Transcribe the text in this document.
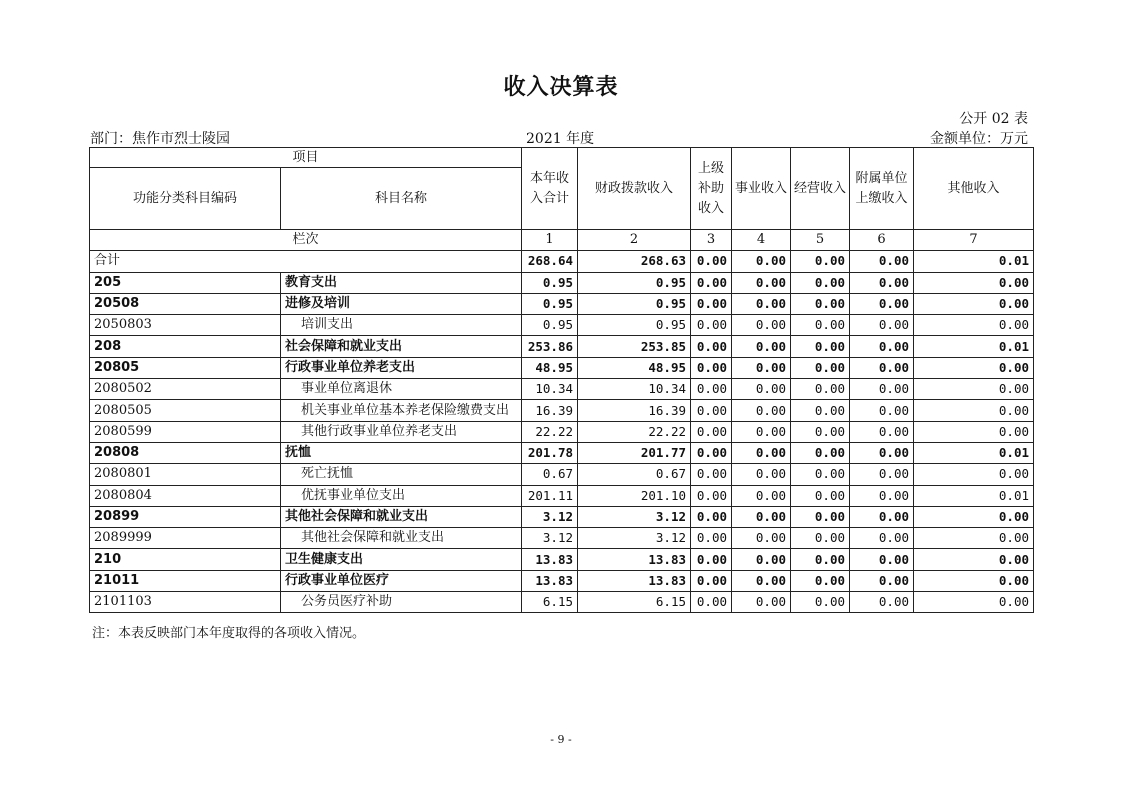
收入决算表
公开 02 表
部门：焦作市烈士陵园	2021 年度	金额单位：万元
项目		本年收入合计	财政拨款收入	上级补助收入	事业收入	经营收入	附属单位上缴收入	其他收入
功能分类科目编码	科目名称							
栏次		1	2	3	4	5	6	7
合计		268.64	268.63	0.00	0.00	0.00	0.00	0.01
205	教育支出	0.95	0.95	0.00	0.00	0.00	0.00	0.00
20508	进修及培训	0.95	0.95	0.00	0.00	0.00	0.00	0.00
2050803	培训支出	0.95	0.95	0.00	0.00	0.00	0.00	0.00
208	社会保障和就业支出	253.86	253.85	0.00	0.00	0.00	0.00	0.01
20805	行政事业单位养老支出	48.95	48.95	0.00	0.00	0.00	0.00	0.00
2080502	事业单位离退休	10.34	10.34	0.00	0.00	0.00	0.00	0.00
2080505	机关事业单位基本养老保险缴费支出	16.39	16.39	0.00	0.00	0.00	0.00	0.00
2080599	其他行政事业单位养老支出	22.22	22.22	0.00	0.00	0.00	0.00	0.00
20808	抚恤	201.78	201.77	0.00	0.00	0.00	0.00	0.01
2080801	死亡抚恤	0.67	0.67	0.00	0.00	0.00	0.00	0.00
2080804	优抚事业单位支出	201.11	201.10	0.00	0.00	0.00	0.00	0.01
20899	其他社会保障和就业支出	3.12	3.12	0.00	0.00	0.00	0.00	0.00
2089999	其他社会保障和就业支出	3.12	3.12	0.00	0.00	0.00	0.00	0.00
210	卫生健康支出	13.83	13.83	0.00	0.00	0.00	0.00	0.00
21011	行政事业单位医疗	13.83	13.83	0.00	0.00	0.00	0.00	0.00
2101103	公务员医疗补助	6.15	6.15	0.00	0.00	0.00	0.00	0.00
注：本表反映部门本年度取得的各项收入情况。
- 9 -
